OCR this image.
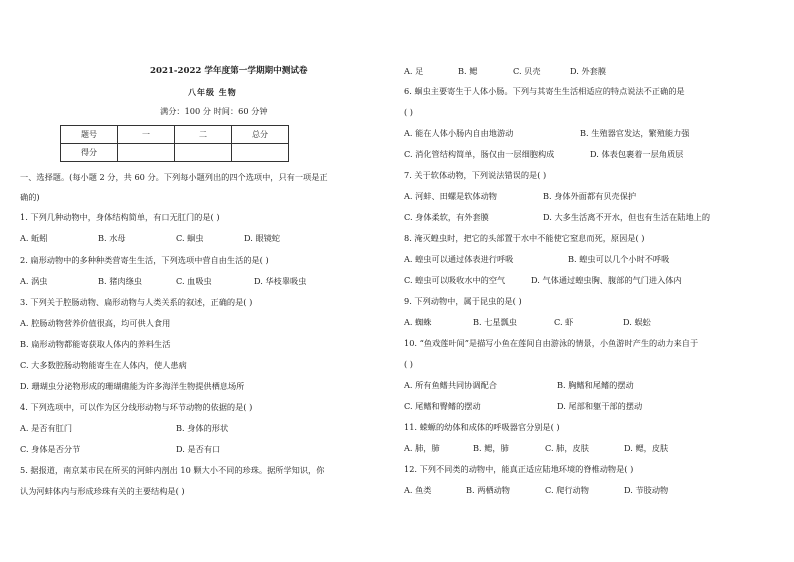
2021-2022 学年度第一学期期中测试卷
八年级 生物
满分：100 分 时间：60 分钟
题号	一	二	总分
得分			
一、选择题。(每小题 2 分，共 60 分。下列每小题列出的四个选项中，只有一项是正
确的)
1. 下列几种动物中，身体结构简单，有口无肛门的是( )
A. 蚯蚓	B. 水母	C. 蛔虫	D. 眼镜蛇
2. 扁形动物中的多种种类营寄生生活，下列选项中营自由生活的是( )
A. 涡虫	B. 猪肉绦虫	C. 血吸虫	D. 华枝睾吸虫
3. 下列关于腔肠动物、扁形动物与人类关系的叙述，正确的是( )
A. 腔肠动物营养价值很高，均可供人食用
B. 扁形动物都能寄获取人体内的养料生活
C. 大多数腔肠动物能寄生在人体内，使人患病
D. 珊瑚虫分泌物形成的珊瑚礁能为许多海洋生物提供栖息场所
4. 下列选项中，可以作为区分线形动物与环节动物的依据的是( )
A. 是否有肛门	B. 身体的形状
C. 身体是否分节	D. 是否有口
5. 据报道，南京某市民在所买的河蚌内剖出 10 颗大小不同的珍珠。据所学知识，你
认为河蚌体内与形成珍珠有关的主要结构是( )
A. 足	B. 鳃	C. 贝壳	D. 外套膜
6. 蛔虫主要寄生于人体小肠。下列与其寄生生活相适应的特点说法不正确的是
( )
A. 能在人体小肠内自由地游动	B. 生殖器官发达，繁殖能力强
C. 消化管结构简单，肠仅由一层细胞构成	D. 体表包裹着一层角质层
7. 关于软体动物，下列说法错误的是( )
A. 河蚌、田螺是软体动物	B. 身体外面都有贝壳保护
C. 身体柔软，有外套膜	D. 大多生活离不开水，但也有生活在陆地上的
8. 淹灭蝗虫时，把它的头部置于水中不能使它窒息而死，原因是( )
A. 蝗虫可以通过体表进行呼吸	B. 蝗虫可以几个小时不呼吸
C. 蝗虫可以吸收水中的空气	D. 气体通过蝗虫胸、腹部的气门进入体内
9. 下列动物中，属于昆虫的是( )
A. 蜘蛛	B. 七星瓢虫	C. 虾	D. 蜈蚣
10. “鱼戏莲叶间”是描写小鱼在莲间自由游泳的情景，小鱼游时产生的动力来自于
( )
A. 所有鱼鳍共同协调配合	B. 胸鳍和尾鳍的摆动
C. 尾鳍和臀鳍的摆动	D. 尾部和躯干部的摆动
11. 蝾螈的幼体和成体的呼吸器官分别是( )
A. 肺，肺	B. 鳃，肺	C. 肺，皮肤	D. 鳃，皮肤
12. 下列不同类的动物中，能真正适应陆地环境的脊椎动物是( )
A. 鱼类	B. 两栖动物	C. 爬行动物	D. 节肢动物
